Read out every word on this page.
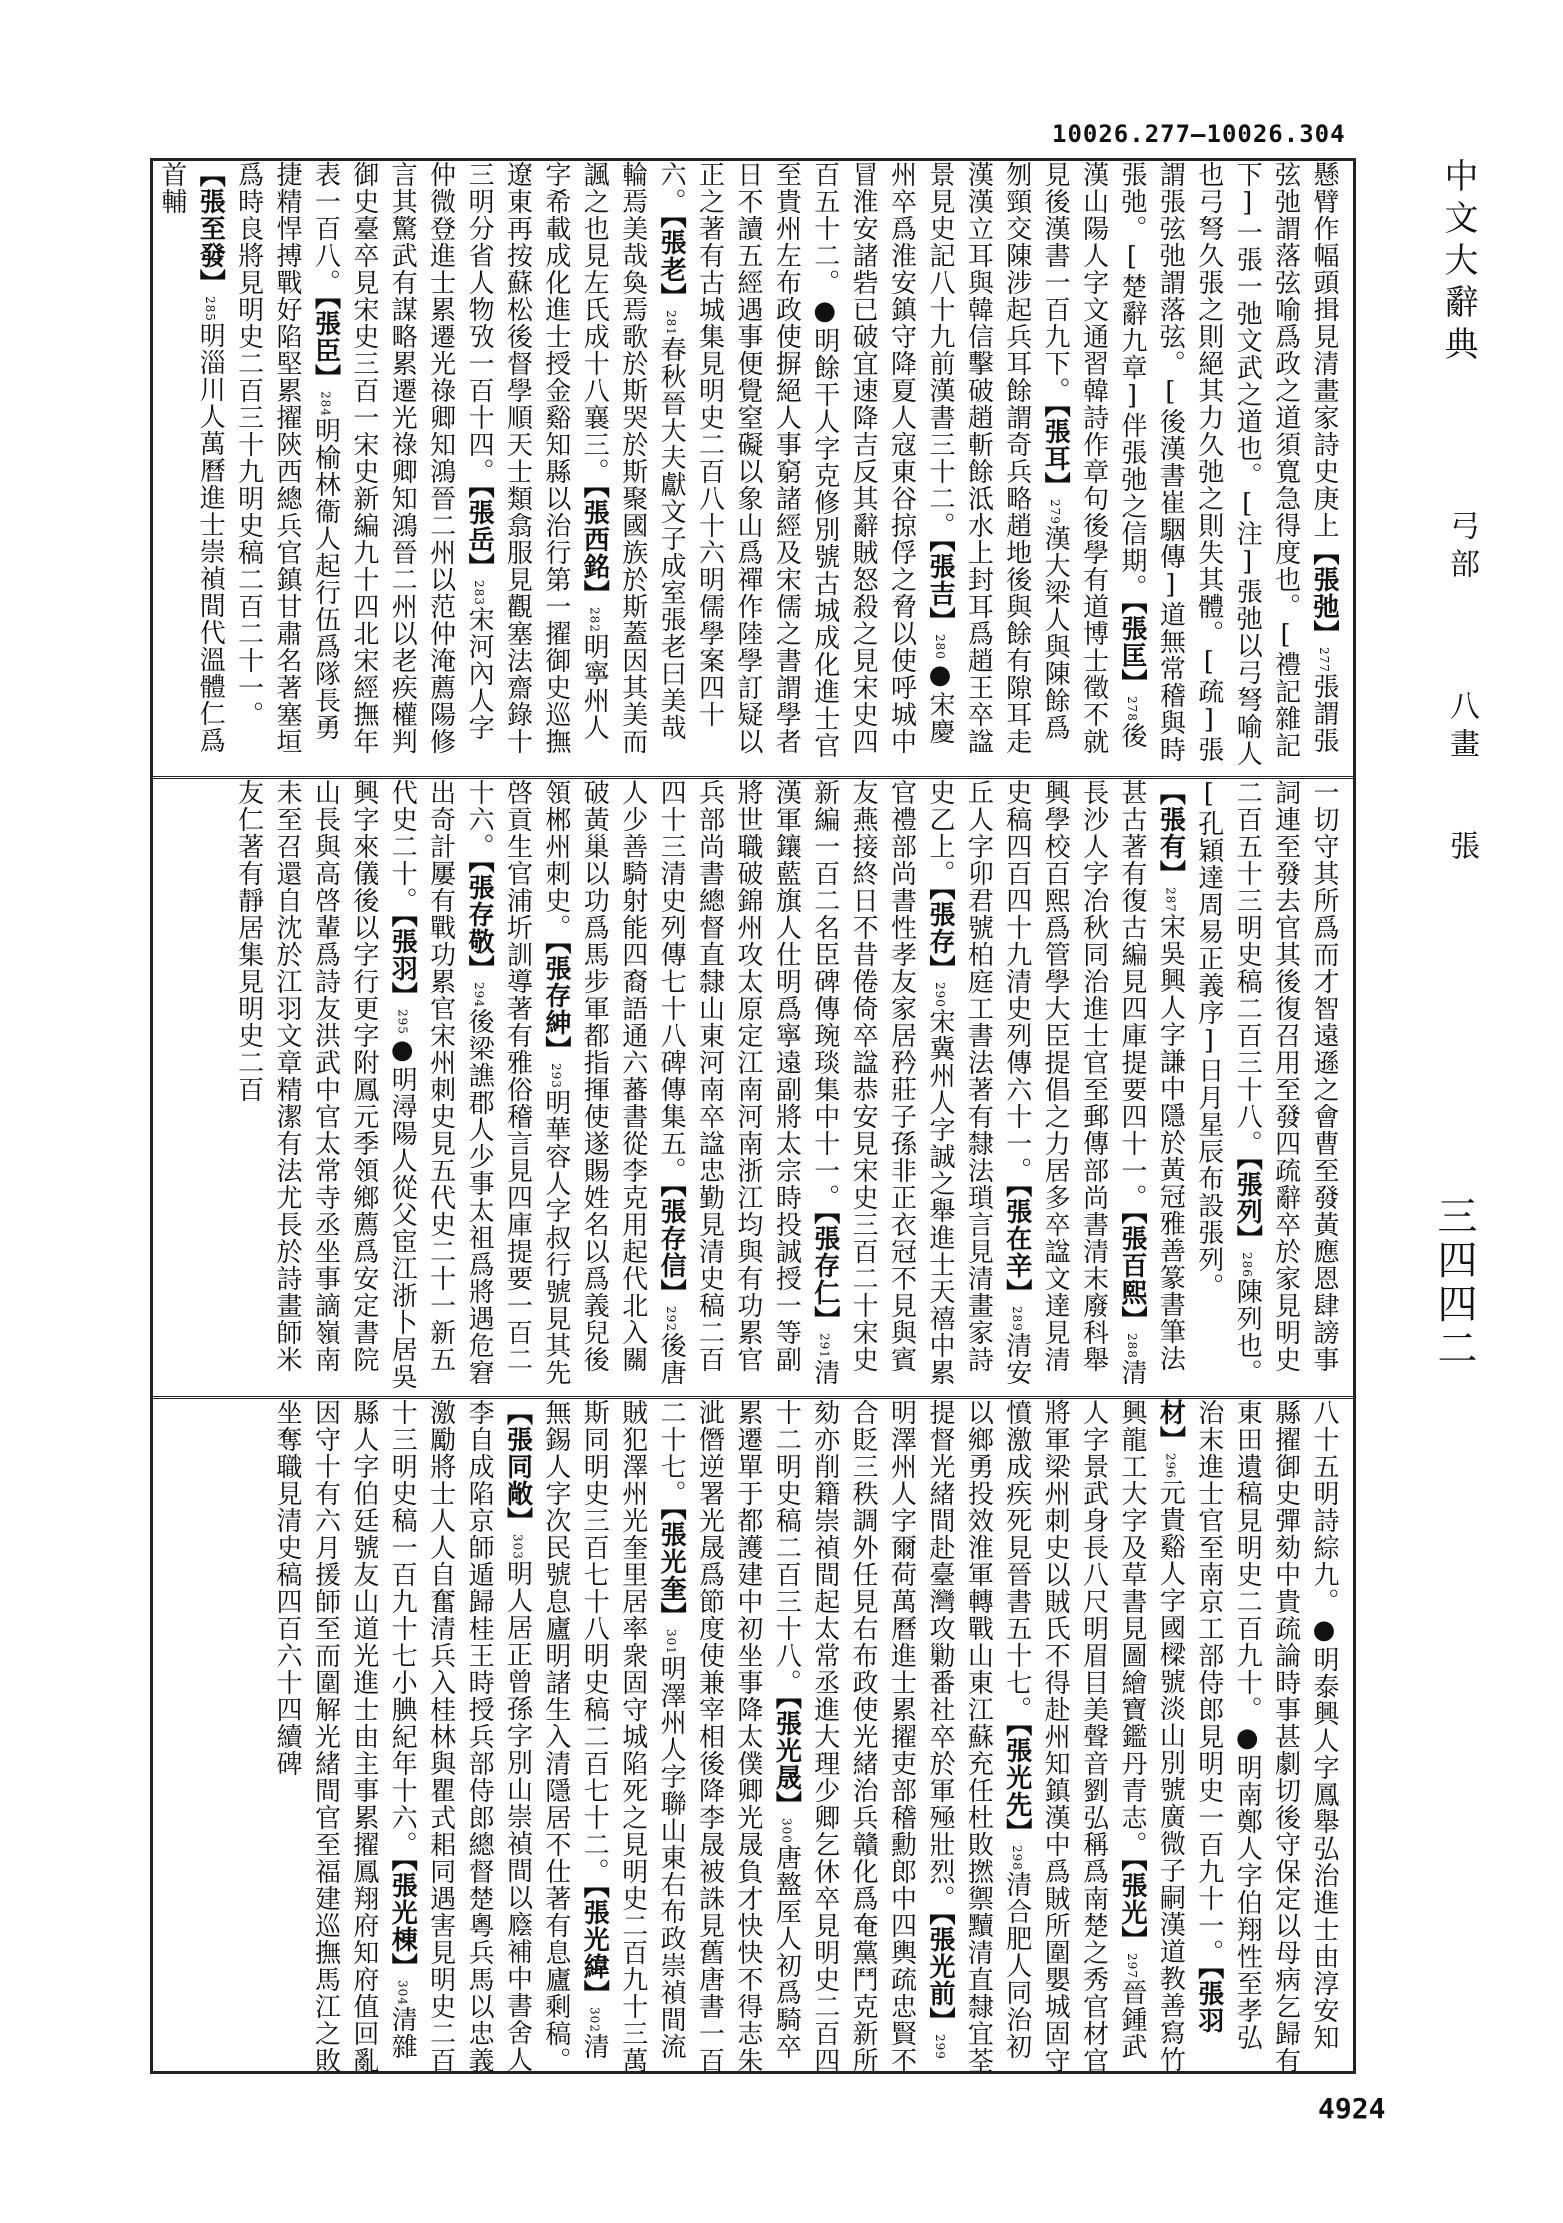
10026.277—10026.304
中文大辭典
弓部
八畫
張
三四四二
懸臂作幅頭揖見清畫家詩史庚上【張弛】277張謂張弦弛謂落弦喻爲政之道須寬急得度也。[禮記雜記下]一張一弛文武之道也。[注]張弛以弓弩喻人也弓弩久張之則絕其力久弛之則失其體。[疏]張謂張弦弛謂落弦。[後漢書崔駰傳]道無常稽與時張弛。[楚辭九章]伴張弛之信期。【張匡】278後漢山陽人字文通習韓詩作章句後學有道博士徵不就見後漢書一百九下。【張耳】279漢大梁人與陳餘爲刎頸交陳涉起兵耳餘謂奇兵略趙地後與餘有隙耳走漢漢立耳與韓信擊破趙斬餘泜水上封耳爲趙王卒諡景見史記八十九前漢書三十二。【張吉】280●宋慶州卒爲淮安鎮守降夏人寇東谷掠俘之脅以使呼城中冒淮安諸砦已破宜速降吉反其辭賊怒殺之見宋史四百五十二。●明餘干人字克修別號古城成化進士官至貴州左布政使摒絕人事窮諸經及宋儒之書謂學者日不讀五經遇事便覺窒礙以象山爲禪作陸學訂疑以正之著有古城集見明史二百八十六明儒學案四十六。【張老】281春秋晉大夫獻文子成室張老曰美哉輪焉美哉奐焉歌於斯哭於斯聚國族於斯蓋因其美而諷之也見左氏成十八襄三。【張西銘】282明寧州人字希載成化進士授金谿知縣以治行第一擢御史巡撫遼東再按蘇松後督學順天士類翕服見觀塞法齋錄十三明分省人物攷一百十四。【張岳】283宋河內人字仲微登進士累遷光祿卿知鴻晉二州以范仲淹薦陽修言其驚武有謀略累遷光祿卿知鴻晉二州以老疾權判御史臺卒見宋史三百一宋史新編九十四北宋經撫年表一百八。【張臣】284明榆林衞人起行伍爲隊長勇捷精悍搏戰好陷堅累擢陝西總兵官鎮甘肅名著塞垣爲時良將見明史二百三十九明史稿二百二十一。【張至發】285明淄川人萬曆進士崇禎間代溫體仁爲首輔
一切守其所爲而才智遠遜之會曹至發黃應恩肆謗事詞連至發去官其後復召用至發四疏辭卒於家見明史二百五十三明史稿二百三十八。【張列】286陳列也。[孔穎達周易正義序]日月星辰布設張列。【張有】287宋吳興人字謙中隱於黃冠雅善篆書筆法甚古著有復古編見四庫提要四十一。【張百熙】288清長沙人字冶秋同治進士官至郵傳部尚書清末廢科舉興學校百熙爲管學大臣提倡之力居多卒諡文達見清史稿四百四十九清史列傳六十一。【張在辛】289清安丘人字卯君號柏庭工書法著有隸法瑣言見清畫家詩史乙上。【張存】290宋冀州人字誠之舉進士天禧中累官禮部尚書性孝友家居矜莊子孫非正衣冠不見與賓友燕接終日不昔倦倚卒諡恭安見宋史三百二十宋史新編一百二名臣碑傳琬琰集中十一。【張存仁】291清漢軍鑲藍旗人仕明爲寧遠副將太宗時投誠授一等副將世職破錦州攻太原定江南河南浙江均與有功累官兵部尚書總督直隸山東河南卒諡忠勤見清史稿二百四十三清史列傳七十八碑傳集五。【張存信】292後唐人少善騎射能四裔語通六蕃書從李克用起代北入關破黃巢以功爲馬步軍都指揮使遂賜姓名以爲義兒後領郴州刺史。【張存紳】293明華容人字叔行號見其先啓貢生官浦圻訓導著有雅俗稽言見四庫提要一百二十六。【張存敬】294後梁譙郡人少事太祖爲將遇危窘出奇計屢有戰功累官宋州刺史見五代史二十一新五代史二十。【張羽】295●明潯陽人從父宦江浙卜居吳興字來儀後以字行更字附鳳元季領鄉薦爲安定書院山長與高啓輩爲詩友洪武中官太常寺丞坐事謫嶺南未至召還自沈於江羽文章精潔有法尤長於詩畫師米友仁著有靜居集見明史二百
八十五明詩綜九。●明泰興人字鳳舉弘治進士由淳安知縣擢御史彈劾中貴疏論時事甚劇切後守保定以母病乞歸有東田遺稿見明史二百九十。●明南鄭人字伯翔性至孝弘治末進士官至南京工部侍郎見明史一百九十一。【張羽材】296元貴谿人字國樑號淡山別號廣微子嗣漢道教善寫竹興龍工大字及草書見圖繪寶鑑丹青志。【張光】297晉鍾武人字景武身長八尺明眉目美聲音劉弘稱爲南楚之秀官材官將軍梁州刺史以賊氏不得赴州知鎮漢中爲賊所圍嬰城固守憤激成疾死見晉書五十七。【張光先】298清合肥人同治初以鄉勇投效淮軍轉戰山東江蘇充任杜敗撚禦黷清直隸宜荃提督光緒間赴臺灣攻勦番社卒於軍殛壯烈。【張光前】299明澤州人字爾荷萬曆進士累擢吏部稽勳郎中四輿疏忠賢不合貶三秩調外任見右布政使光緒治兵贛化爲奄黨鬥克新所劾亦削籍崇禎間起太常丞進大理少卿乞休卒見明史二百四十二明史稿二百三十八。【張光晟】300唐盩厔人初爲騎卒累遷單于都護建中初坐事降太僕卿光晟負才快快不得志朱泚僭逆署光晟爲節度使兼宰相後降李晟被誅見舊唐書一百二十七。【張光奎】301明澤州人字聯山東右布政崇禎間流賊犯澤州光奎里居率衆固守城陷死之見明史二百九十三萬斯同明史三百七十八明史稿二百七十二。【張光緯】302清無錫人字次民號息廬明諸生入清隱居不仕著有息廬剩稿。【張同敞】303明人居正曾孫字別山崇禎間以廕補中書舍人李自成陷京師遁歸桂王時授兵部侍郎總督楚粵兵馬以忠義激勵將士人人自奮清兵入桂林與瞿式耜同遇害見明史二百十三明史稿一百九十七小腆紀年十六。【張光棟】304清雜縣人字伯廷號友山道光進士由主事累擢鳳翔府知府值回亂因守十有六月援師至而圍解光緒間官至福建巡撫馬江之敗坐奪職見清史稿四百六十四續碑
4924
